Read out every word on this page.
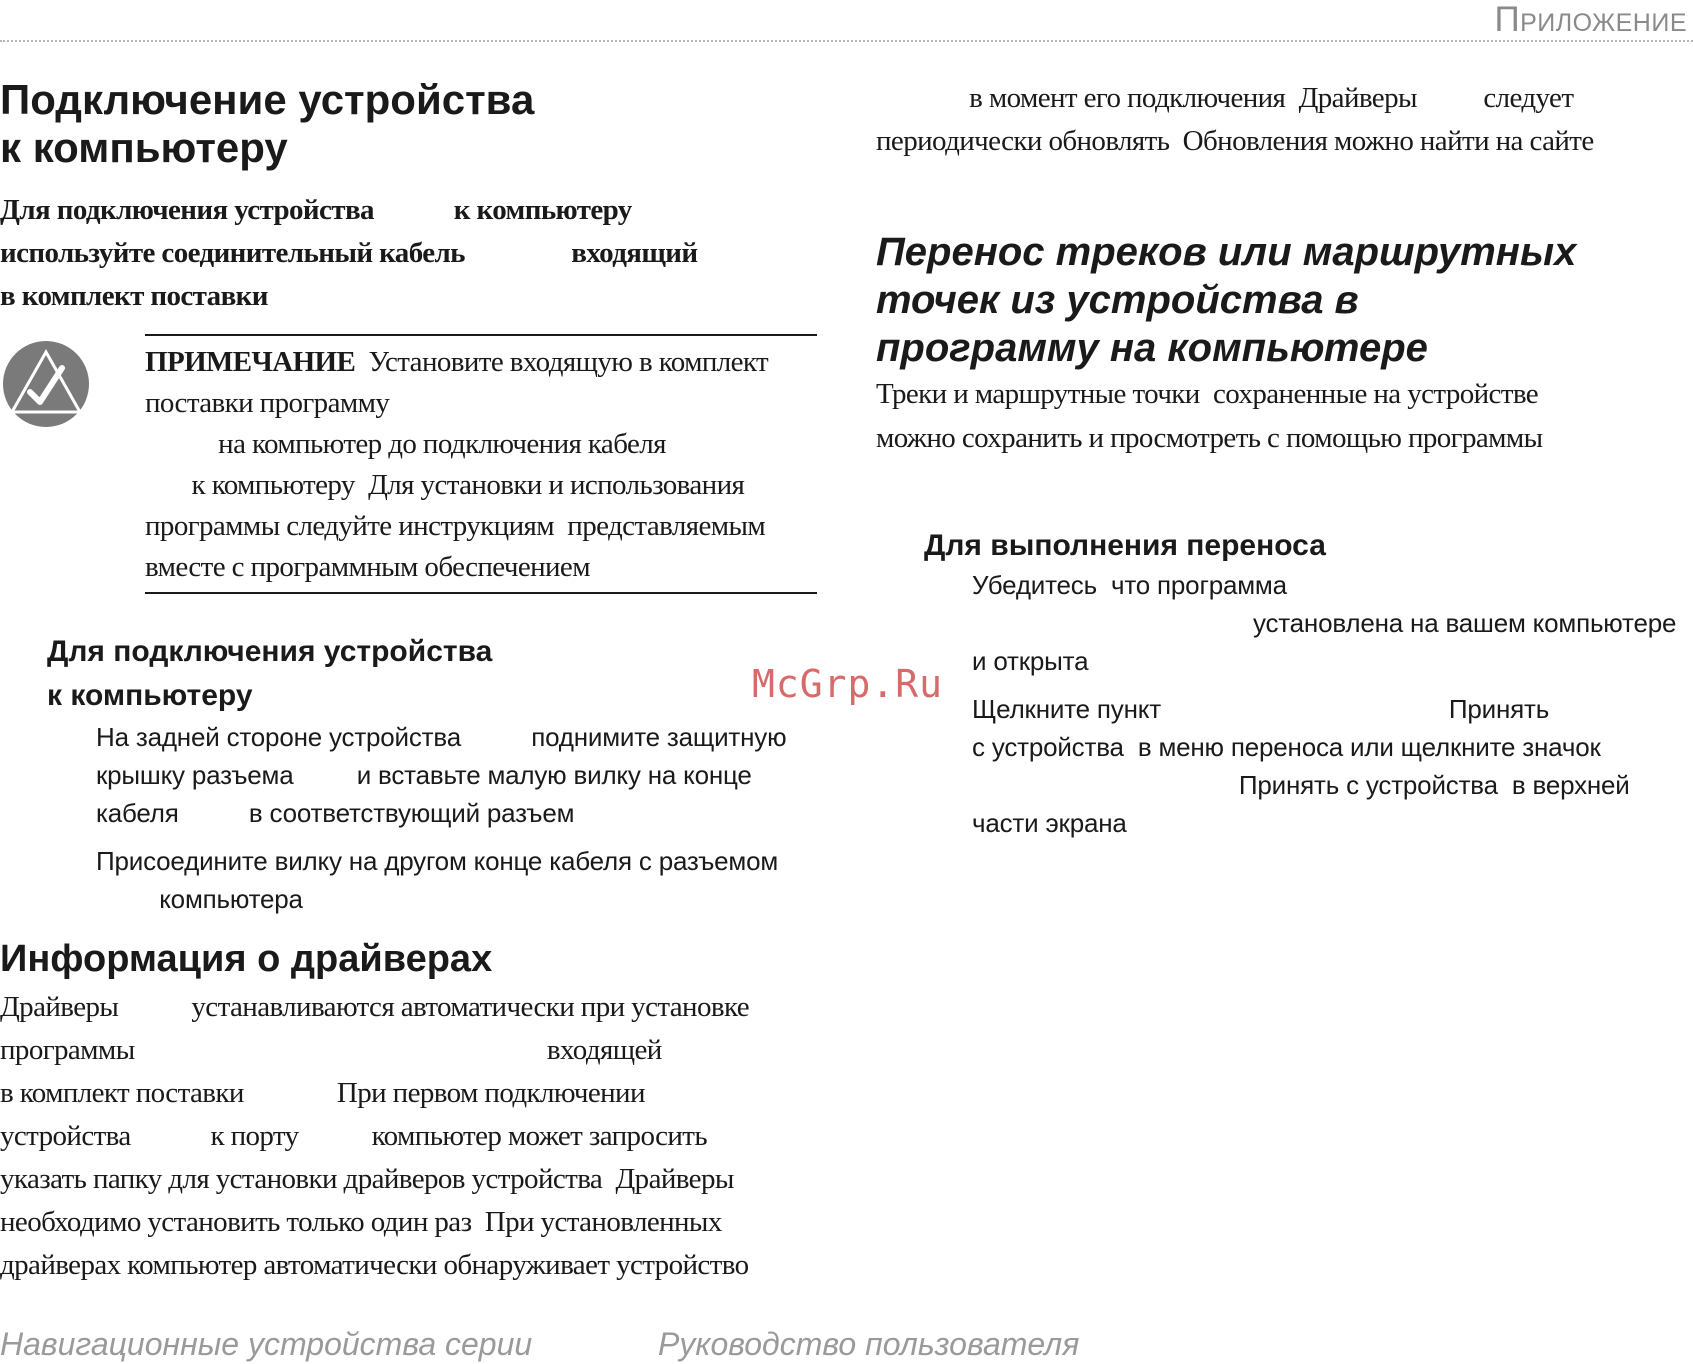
Приложение
Подключение устройства
к компьютеру
Для подключения устройства            к компьютеру
используйте соединительный кабель                входящий
в комплект поставки
ПРИМЕЧАНИЕ  Установите входящую в комплект
поставки программу
на компьютер до подключения кабеля
к компьютеру  Для установки и использования
программы следуйте инструкциям  представляемым
вместе с программным обеспечением
Для подключения устройства
к компьютеру
На задней стороне устройства          поднимите защитную
крышку разъема         и вставьте малую вилку на конце
кабеля          в соответствующий разъем
Присоедините вилку на другом конце кабеля с разъемом
компьютера
Информация о драйверах
Драйверы           устанавливаются автоматически при установке
программы                                                              входящей
в комплект поставки              При первом подключении
устройства            к порту           компьютер может запросить
указать папку для установки драйверов устройства  Драйверы
необходимо установить только один раз  При установленных
драйверах компьютер автоматически обнаруживает устройство
в момент его подключения  Драйверы          следует
периодически обновлять  Обновления можно найти на сайте
Перенос треков или маршрутных
точек из устройства в
программу на компьютере
Треки и маршрутные точки  сохраненные на устройстве
можно сохранить и просмотреть с помощью программы
Для выполнения переноса
Убедитесь  что программа
установлена на вашем компьютере
и открыта
Щелкните пункт                                         Принять
с устройства  в меню переноса или щелкните значок
Принять с устройства  в верхней
части экрана
McGrp.Ru
Навигационные устройства серии	Руководство пользователя
